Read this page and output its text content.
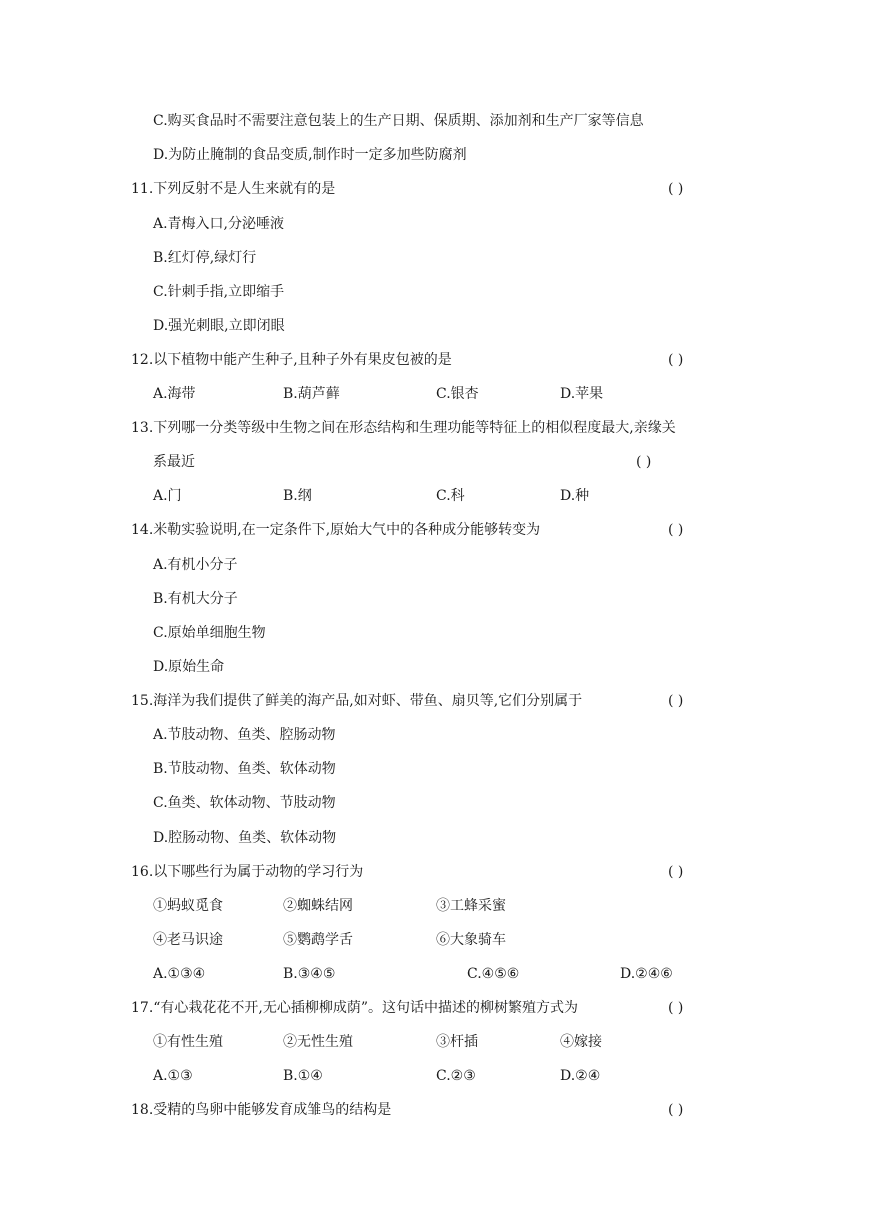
C.购买食品时不需要注意包装上的生产日期、保质期、添加剂和生产厂家等信息
D.为防止腌制的食品变质,制作时一定多加些防腐剂
11.下列反射不是人生来就有的是	( )
A.青梅入口,分泌唾液
B.红灯停,绿灯行
C.针刺手指,立即缩手
D.强光刺眼,立即闭眼
12.以下植物中能产生种子,且种子外有果皮包被的是	( )
A.海带	B.葫芦藓	C.银杏	D.苹果
13.下列哪一分类等级中生物之间在形态结构和生理功能等特征上的相似程度最大,亲缘关
系最近	( )
A.门	B.纲	C.科	D.种
14.米勒实验说明,在一定条件下,原始大气中的各种成分能够转变为	( )
A.有机小分子
B.有机大分子
C.原始单细胞生物
D.原始生命
15.海洋为我们提供了鲜美的海产品,如对虾、带鱼、扇贝等,它们分别属于	( )
A.节肢动物、鱼类、腔肠动物
B.节肢动物、鱼类、软体动物
C.鱼类、软体动物、节肢动物
D.腔肠动物、鱼类、软体动物
16.以下哪些行为属于动物的学习行为	( )
①蚂蚁觅食	②蜘蛛结网	③工蜂采蜜
④老马识途	⑤鹦鹉学舌	⑥大象骑车
A.①③④	B.③④⑤	C.④⑤⑥	D.②④⑥
17.“有心栽花花不开,无心插柳柳成荫”。这句话中描述的柳树繁殖方式为	( )
①有性生殖	②无性生殖	③杆插	④嫁接
A.①③	B.①④	C.②③	D.②④
18.受精的鸟卵中能够发育成雏鸟的结构是	( )
